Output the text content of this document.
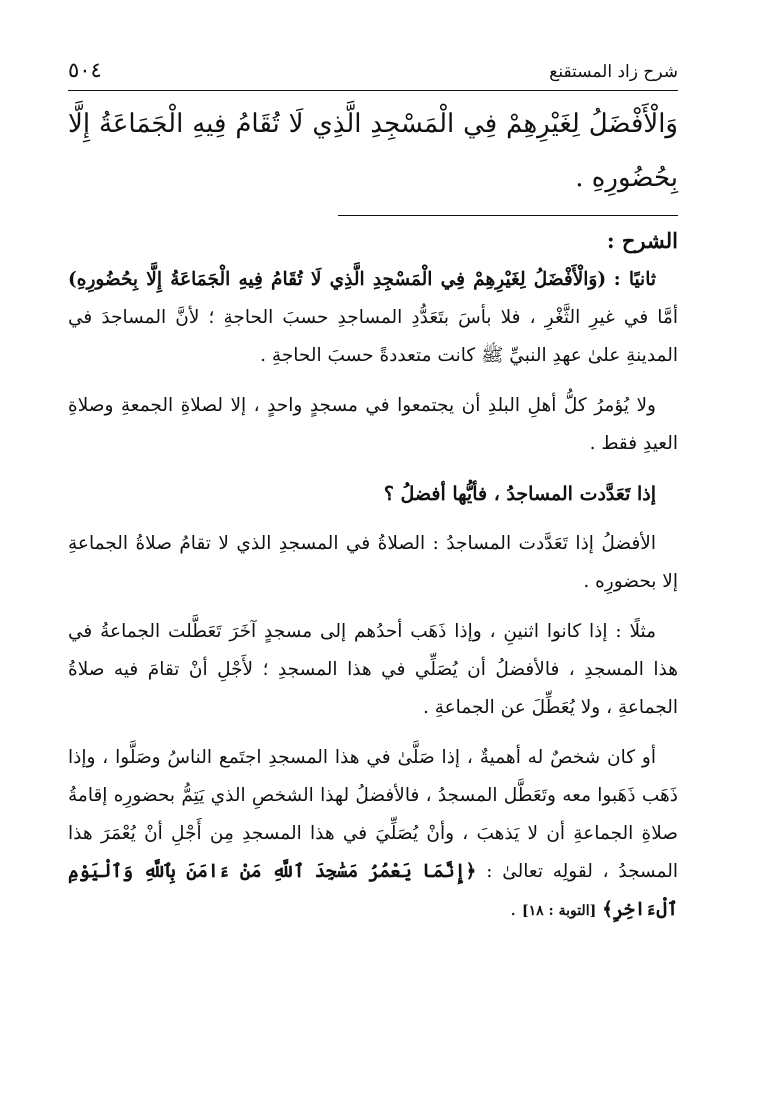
شرح زاد المستقنع
٥٠٤
وَالْأَفْضَلُ لِغَيْرِهِمْ فِي الْمَسْجِدِ الَّذِي لَا تُقَامُ فِيهِ الْجَمَاعَةُ إِلَّا بِحُضُورِهِ .
الشرح :

ثانيًا : (وَالْأَفْضَلُ لِغَيْرِهِمْ فِي الْمَسْجِدِ الَّذِي لَا تُقَامُ فِيهِ الْجَمَاعَةُ إِلَّا بِحُضُورِهِ) أمَّا في غيرِ الثَّغْرِ ، فلا بأسَ بتَعَدُّدِ المساجدِ حسبَ الحاجةِ ؛ لأنَّ المساجدَ في المدينةِ علىٰ عهدِ النبيِّ ﷺ كانت متعددةً حسبَ الحاجةِ .

ولا يُؤمرُ كلُّ أهلِ البلدِ أن يجتمعوا في مسجدٍ واحدٍ ، إلا لصلاةِ الجمعةِ وصلاةِ العيدِ فقط .

إذا تَعَدَّدت المساجدُ ، فأيُّها أفضلُ ؟

الأفضلُ إذا تَعَدَّدت المساجدُ : الصلاةُ في المسجدِ الذي لا تقامُ صلاةُ الجماعةِ إلا بحضورِه .

مثلًا : إذا كانوا اثنينِ ، وإذا ذَهَب أحدُهم إلى مسجدٍ آخَرَ تَعَطَّلت الجماعةُ في هذا المسجدِ ، فالأفضلُ أن يُصَلِّي في هذا المسجدِ ؛ لأَجْلِ أنْ تقامَ فيه صلاةُ الجماعةِ ، ولا يُعَطِّلَ عن الجماعةِ .

أو كان شخصٌ له أهميةٌ ، إذا صَلَّىٰ في هذا المسجدِ اجتَمع الناسُ وصَلَّوا ، وإذا ذَهَب ذَهَبوا معه وتَعَطَّل المسجدُ ، فالأفضلُ لهذا الشخصِ الذي يَتِمُّ بحضورِه إقامةُ صلاةِ الجماعةِ أن لا يَذهبَ ، وأنْ يُصَلِّيَ في هذا المسجدِ مِن أَجْلِ أنْ يُعْمَرَ هذا المسجدُ ، لقولِه تعالىٰ : ﴿إِنَّمَا يَعْمُرُ مَسَٰجِدَ ٱللَّهِ مَنْ ءَامَنَ بِٱللَّهِ وَٱلْيَوْمِ ٱلْءَاخِرِ﴾ [التوبة : ١٨] .
